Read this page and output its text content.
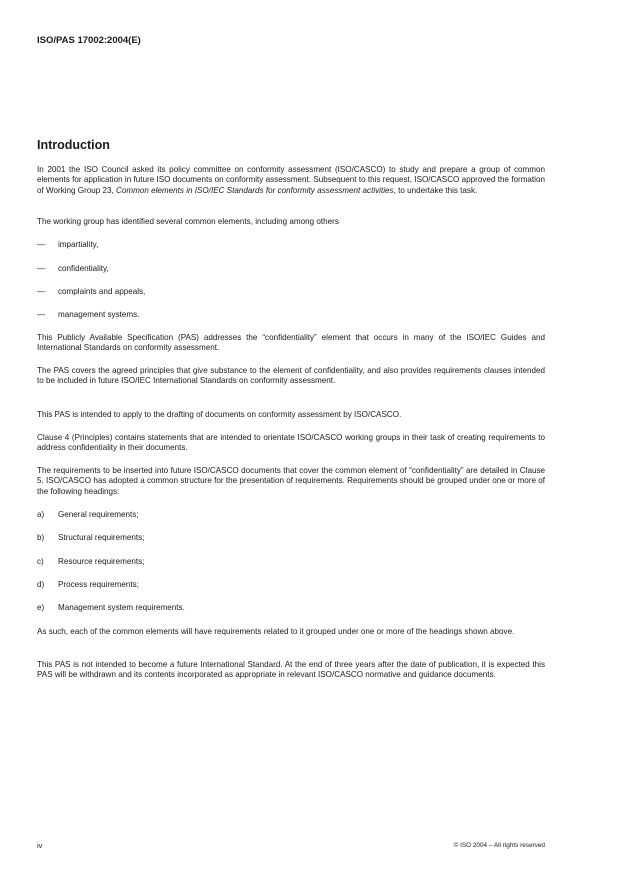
ISO/PAS 17002:2004(E)
Introduction
In 2001 the ISO Council asked its policy committee on conformity assessment (ISO/CASCO) to study and prepare a group of common elements for application in future ISO documents on conformity assessment. Subsequent to this request, ISO/CASCO approved the formation of Working Group 23, Common elements in ISO/IEC Standards for conformity assessment activities, to undertake this task.
The working group has identified several common elements, including among others
— impartiality,
— confidentiality,
— complaints and appeals,
— management systems.
This Publicly Available Specification (PAS) addresses the “confidentiality” element that occurs in many of the ISO/IEC Guides and International Standards on conformity assessment.
The PAS covers the agreed principles that give substance to the element of confidentiality, and also provides requirements clauses intended to be included in future ISO/IEC International Standards on conformity assessment.
This PAS is intended to apply to the drafting of documents on conformity assessment by ISO/CASCO.
Clause 4 (Principles) contains statements that are intended to orientate ISO/CASCO working groups in their task of creating requirements to address confidentiality in their documents.
The requirements to be inserted into future ISO/CASCO documents that cover the common element of “confidentiality” are detailed in Clause 5. ISO/CASCO has adopted a common structure for the presentation of requirements. Requirements should be grouped under one or more of the following headings:
a) General requirements;
b) Structural requirements;
c) Resource requirements;
d) Process requirements;
e) Management system requirements.
As such, each of the common elements will have requirements related to it grouped under one or more of the headings shown above.
This PAS is not intended to become a future International Standard. At the end of three years after the date of publication, it is expected this PAS will be withdrawn and its contents incorporated as appropriate in relevant ISO/CASCO normative and guidance documents.
iv	© ISO 2004 – All rights reserved
